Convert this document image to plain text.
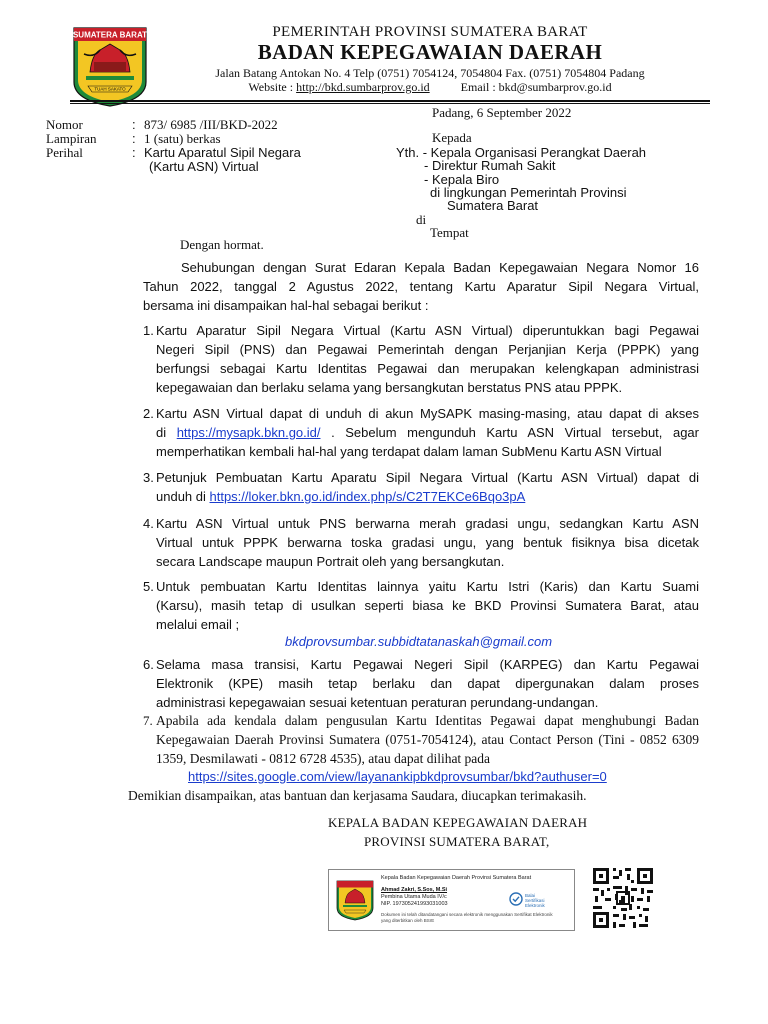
SUMATERA BARAT
TUAH SAKATO
PEMERINTAH PROVINSI SUMATERA BARAT
BADAN KEPEGAWAIAN DAERAH
Jalan Batang Antokan No. 4 Telp (0751) 7054124, 7054804 Fax. (0751) 7054804 Padang
Website : http://bkd.sumbarprov.go.id	Email : bkd@sumbarprov.go.id
Padang, 6 September 2022
Nomor	: 873/ 6985 /III/BKD-2022
Lampiran	: 1 (satu) berkas
Perihal	: Kartu Aparatul Sipil Negara
(Kartu ASN) Virtual
Kepada
Yth. - Kepala Organisasi Perangkat Daerah
- Direktur Rumah Sakit
- Kepala Biro
di lingkungan Pemerintah Provinsi
Sumatera Barat
di
Tempat
Dengan hormat.
Sehubungan dengan Surat Edaran Kepala Badan Kepegawaian Negara Nomor 16
Tahun 2022, tanggal 2 Agustus 2022, tentang Kartu Aparatur Sipil Negara Virtual,
bersama ini disampaikan hal-hal sebagai berikut :
1. Kartu Aparatur Sipil Negara Virtual (Kartu ASN Virtual) diperuntukkan bagi Pegawai
Negeri Sipil (PNS) dan Pegawai Pemerintah dengan Perjanjian Kerja (PPPK) yang
berfungsi sebagai Kartu Identitas Pegawai dan merupakan kelengkapan administrasi
kepegawaian dan berlaku selama yang bersangkutan berstatus PNS atau PPPK.
2. Kartu ASN Virtual dapat di unduh di akun MySAPK masing-masing, atau dapat di akses
di https://mysapk.bkn.go.id/ . Sebelum mengunduh Kartu ASN Virtual tersebut, agar
memperhatikan kembali hal-hal yang terdapat dalam laman SubMenu Kartu ASN Virtual
3. Petunjuk Pembuatan Kartu Aparatu Sipil Negara Virtual (Kartu ASN Virtual) dapat di
unduh di https://loker.bkn.go.id/index.php/s/C2T7EKCe6Bqo3pA
4. Kartu ASN Virtual untuk PNS berwarna merah gradasi ungu, sedangkan Kartu ASN
Virtual untuk PPPK berwarna toska gradasi ungu, yang bentuk fisiknya bisa dicetak
secara Landscape maupun Portrait oleh yang bersangkutan.
5. Untuk pembuatan Kartu Identitas lainnya yaitu Kartu Istri (Karis) dan Kartu Suami
(Karsu), masih tetap di usulkan seperti biasa ke BKD Provinsi Sumatera Barat, atau
melalui email ;
bkdprovsumbar.subbidtatanaskah@gmail.com
6. Selama masa transisi, Kartu Pegawai Negeri Sipil (KARPEG) dan Kartu Pegawai
Elektronik (KPE) masih tetap berlaku dan dapat dipergunakan dalam proses
administrasi kepegawaian sesuai ketentuan peraturan perundang-undangan.
7. Apabila ada kendala dalam pengusulan Kartu Identitas Pegawai dapat menghubungi Badan
Kepegawaian Daerah Provinsi Sumatera (0751-7054124), atau Contact Person (Tini - 0852 6309
1359, Desmilawati - 0812 6728 4535), atau dapat dilihat pada
https://sites.google.com/view/layanankipbkdprovsumbar/bkd?authuser=0
Demikian disampaikan, atas bantuan dan kerjasama Saudara, diucapkan terimakasih.
KEPALA BADAN KEPEGAWAIAN DAERAH
PROVINSI SUMATERA BARAT,
Kepala Badan Kepegawaian Daerah Provinsi Sumatera Barat
Ahmad Zakri, S.Sos, M.Si
Pembina Utama Muda IV/c
NIP. 197305241993031003
Dokumen ini telah ditandatangani secara elektronik menggunakan Sertifikat Elektronik yang diterbitkan oleh BSrE
Balai
Sertifikasi
Elektronik
